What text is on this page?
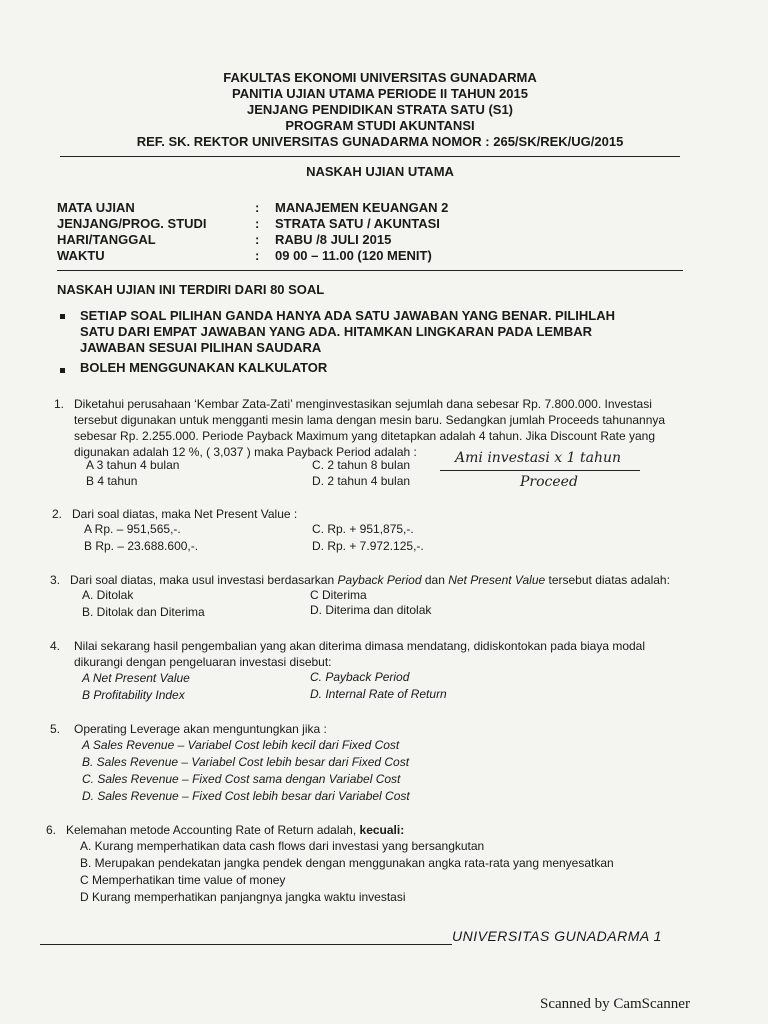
FAKULTAS EKONOMI UNIVERSITAS GUNADARMA
PANITIA UJIAN UTAMA PERIODE II TAHUN 2015
JENJANG PENDIDIKAN STRATA SATU (S1)
PROGRAM STUDI AKUNTANSI
REF. SK. REKTOR UNIVERSITAS GUNADARMA NOMOR : 265/SK/REK/UG/2015
NASKAH UJIAN UTAMA
MATA UJIAN	: MANAJEMEN KEUANGAN 2
JENJANG/PROG. STUDI	: STRATA SATU / AKUNTASI
HARI/TANGGAL	: RABU /8 JULI 2015
WAKTU	: 09 00 – 11.00 (120 MENIT)
NASKAH UJIAN INI TERDIRI DARI 80 SOAL
SETIAP SOAL PILIHAN GANDA HANYA ADA SATU JAWABAN YANG BENAR. PILIHLAH
SATU DARI EMPAT JAWABAN YANG ADA. HITAMKAN LINGKARAN PADA LEMBAR
JAWABAN SESUAI PILIHAN SAUDARA
BOLEH MENGGUNAKAN KALKULATOR
1. Diketahui perusahaan ‘Kembar Zata-Zati’ menginvestasikan sejumlah dana sebesar Rp. 7.800.000. Investasi
tersebut digunakan untuk mengganti mesin lama dengan mesin baru. Sedangkan jumlah Proceeds tahunannya
sebesar Rp. 2.255.000. Periode Payback Maximum yang ditetapkan adalah 4 tahun. Jika Discount Rate yang
digunakan adalah 12 %, ( 3,037 ) maka Payback Period adalah :
A 3 tahun 4 bulan
B 4 tahun
C. 2 tahun 8 bulan
D. 2 tahun 4 bulan
Ami investasi x 1 tahun
Proceed
2. Dari soal diatas, maka Net Present Value :
A Rp. – 951,565,-.
B Rp. – 23.688.600,-.
C. Rp. + 951,875,-.
D. Rp. + 7.972.125,-.
3. Dari soal diatas, maka usul investasi berdasarkan Payback Period dan Net Present Value tersebut diatas adalah:
A. Ditolak
B. Ditolak dan Diterima
C Diterima
D. Diterima dan ditolak
4. Nilai sekarang hasil pengembalian yang akan diterima dimasa mendatang, didiskontokan pada biaya modal
dikurangi dengan pengeluaran investasi disebut:
A Net Present Value
B Profitability Index
C. Payback Period
D. Internal Rate of Return
5. Operating Leverage akan menguntungkan jika :
A Sales Revenue – Variabel Cost lebih kecil dari Fixed Cost
B. Sales Revenue – Variabel Cost lebih besar dari Fixed Cost
C. Sales Revenue – Fixed Cost sama dengan Variabel Cost
D. Sales Revenue – Fixed Cost lebih besar dari Variabel Cost
6. Kelemahan metode Accounting Rate of Return adalah, kecuali:
A. Kurang memperhatikan data cash flows dari investasi yang bersangkutan
B. Merupakan pendekatan jangka pendek dengan menggunakan angka rata-rata yang menyesatkan
C Memperhatikan time value of money
D Kurang memperhatikan panjangnya jangka waktu investasi
UNIVERSITAS GUNADARMA 1
Scanned by CamScanner
